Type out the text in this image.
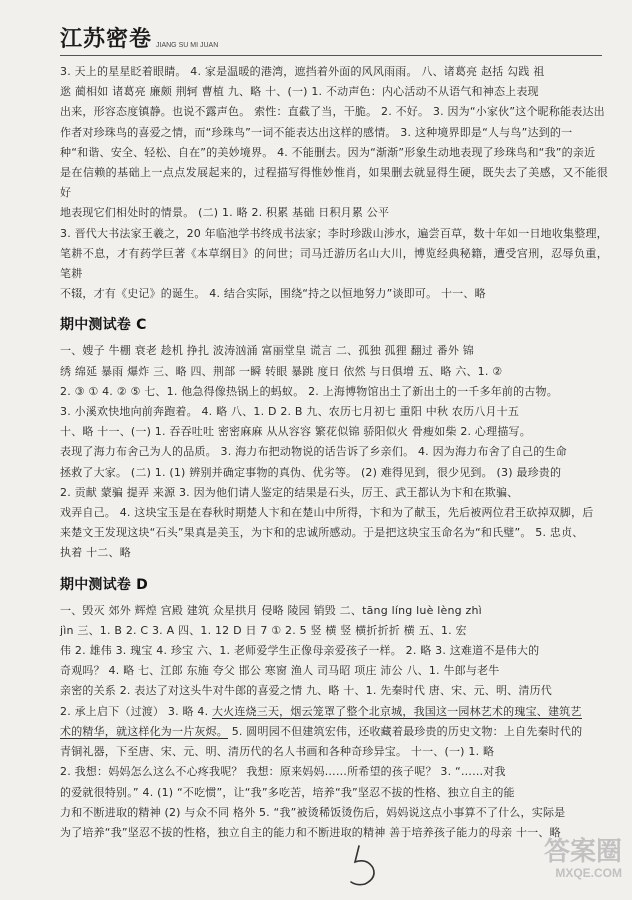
江苏密卷 JIANG SU MI JUAN

3. 天上的星星眨着眼睛。 4. 家是温暖的港湾，遮挡着外面的风风雨雨。 八、诸葛亮 赵括 勾践 祖

逖 蔺相如 诸葛亮 廉颇 荆轲 曹植 九、略 十、(一) 1. 不动声色：内心活动不从语气和神态上表现

出来，形容态度镇静。也说不露声色。 索性：直截了当，干脆。 2. 不好。 3. 因为“小家伙”这个昵称能表达出

作者对珍珠鸟的喜爱之情，而“珍珠鸟”一词不能表达出这样的感情。 3. 这种境界即是“人与鸟”达到的一

种“和谐、安全、轻松、自在”的美妙境界。 4. 不能删去。因为“渐渐”形象生动地表现了珍珠鸟和“我”的亲近

是在信赖的基础上一点点发展起来的，过程描写得惟妙惟肖，如果删去就显得生硬，既失去了美感，又不能很好

地表现它们相处时的情景。 (二) 1. 略 2. 积累 基础 日积月累 公平

3. 晋代大书法家王羲之，20 年临池学书终成书法家；李时珍跋山涉水，遍尝百草，数十年如一日地收集整理，

笔耕不息，才有药学巨著《本草纲目》的问世；司马迁游历名山大川，博览经典秘籍，遭受宫刑，忍辱负重，笔耕

不辍，才有《史记》的诞生。 4. 结合实际，围绕“持之以恒地努力”谈即可。 十一、略

期中测试卷 C

一、嫂子 牛棚 衰老 趁机 挣扎 波涛汹涌 富丽堂皇 谎言 二、孤独 孤狸 翻过 番外 锦

绣 绵延 暴雨 爆炸 三、略 四、荆部 一瞬 转眼 暴跳 度日 依然 与日俱增 五、略 六、1. ②

2. ③ ① 4. ② ⑤ 七、1. 他急得像热锅上的蚂蚁。 2. 上海博物馆出土了新出土的一千多年前的古物。

3. 小溪欢快地向前奔跑着。 4. 略 八、1. D 2. B 九、农历七月初七 重阳 中秋 农历八月十五

十、略 十一、(一) 1. 吞吞吐吐 密密麻麻 从从容容 繁花似锦 骄阳似火 骨瘦如柴 2. 心理描写。

表现了海力布舍己为人的品质。 3. 海力布把动物说的话告诉了乡亲们。 4. 因为海力布舍了自己的生命

拯救了大家。 (二) 1. (1) 辨别并确定事物的真伪、优劣等。 (2) 难得见到，很少见到。 (3) 最珍贵的

2. 贡献 蒙骗 提弄 来源 3. 因为他们请人鉴定的结果是石头，厉王、武王都认为卞和在欺骗、

戏弄自己。 4. 这块宝玉是在春秋时期楚人卞和在楚山中所得，卞和为了献玉，先后被两位君王砍掉双脚，后

来楚文王发现这块“石头”果真是美玉，为卞和的忠诚所感动。于是把这块宝玉命名为“和氏璧”。 5. 忠贞、

执着 十二、略

期中测试卷 D

一、毁灭 郊外 辉煌 宫殿 建筑 众星拱月 侵略 陵园 销毁 二、tāng líng luè lèng zhì

jìn 三、1. B 2. C 3. A 四、1. 12 D 日 7 ① 2. 5 竖 横 竖 横折折折 横 五、1. 宏

伟 2. 雄伟 3. 瑰宝 4. 珍宝 六、1. 老师爱学生正像母亲爱孩子一样。 2. 略 3. 这难道不是伟大的

奇观吗？ 4. 略 七、江郎 东施 夸父 邯公 寒窗 渔人 司马昭 项庄 沛公 八、1. 牛郎与老牛

亲密的关系 2. 表达了对这头牛对牛郎的喜爱之情 九、略 十、1. 先秦时代 唐、宋、元、明、清历代

2. 承上启下（过渡） 3. 略 4. 大火连烧三天，烟云笼罩了整个北京城，我国这一园林艺术的瑰宝、建筑艺

术的精华，就这样化为一片灰烬。 5. 圆明园不但建筑宏伟，还收藏着最珍贵的历史文物：上自先秦时代的

青铜礼器，下至唐、宋、元、明、清历代的名人书画和各种奇珍异宝。 十一、(一) 1. 略

2. 我想：妈妈怎么这么不心疼我呢？ 我想：原来妈妈……所希望的孩子呢？ 3. “……对我

的爱就很特别。” 4. (1) “不吃惯”，让“我”多吃苦，培养“我”坚忍不拔的性格、独立自主的能

力和不断进取的精神 (2) 与众不同 格外 5. “我”被烫稀饭烫伤后，妈妈说这点小事算不了什么，实际是

为了培养“我”坚忍不拔的性格，独立自主的能力和不断进取的精神 善于培养孩子能力的母亲 十一、略

答案圈
MXQE.COM
